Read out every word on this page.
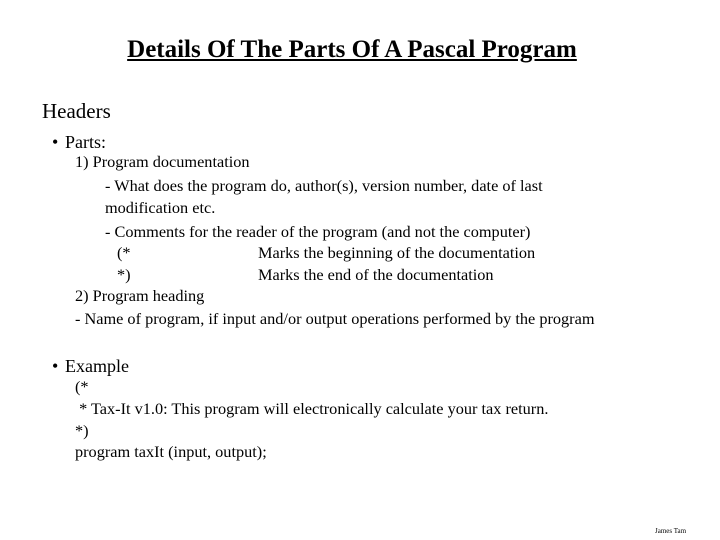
Details Of The Parts Of A Pascal Program
Headers
• Parts:
1) Program documentation
- What does the program do, author(s), version number, date of last
modification etc.
- Comments for the reader of the program (and not the computer)
(*	Marks the beginning of the documentation
*)	Marks the end of the documentation
2) Program heading
- Name of program, if input and/or output operations performed by the program
• Example
(*
* Tax-It v1.0: This program will electronically calculate your tax return.
*)
program taxIt (input, output);
James Tam
